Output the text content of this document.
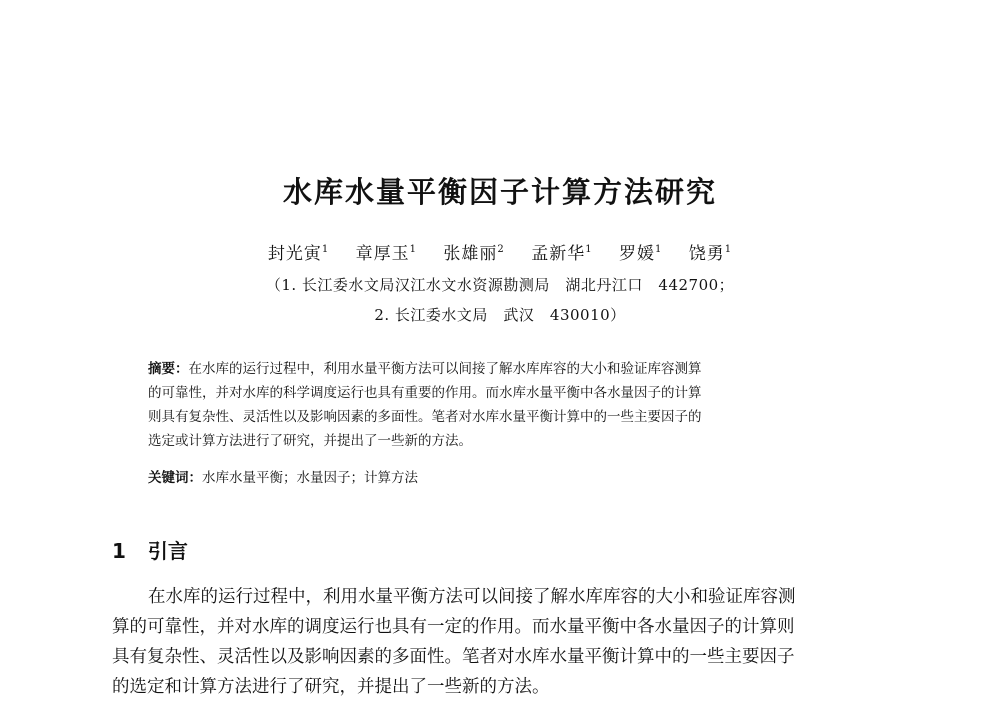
水库水量平衡因子计算方法研究

封光寅$^1$ 章厚玉$^1$ 张雄丽$^2$ 孟新华$^1$ 罗媛$^1$ 饶勇$^1$

（1. 长江委水文局汉江水文水资源勘测局　湖北丹江口　442700；

2. 长江委水文局　武汉　430010）

摘要：在水库的运行过程中，利用水量平衡方法可以间接了解水库库容的大小和验证库容测算
的可靠性，并对水库的科学调度运行也具有重要的作用。而水库水量平衡中各水量因子的计算
则具有复杂性、灵活性以及影响因素的多面性。笔者对水库水量平衡计算中的一些主要因子的
选定或计算方法进行了研究，并提出了一些新的方法。
关键词：水库水量平衡；水量因子；计算方法
1 引言
在水库的运行过程中，利用水量平衡方法可以间接了解水库库容的大小和验证库容测
算的可靠性，并对水库的调度运行也具有一定的作用。而水量平衡中各水量因子的计算则
具有复杂性、灵活性以及影响因素的多面性。笔者对水库水量平衡计算中的一些主要因子
的选定和计算方法进行了研究，并提出了一些新的方法。
